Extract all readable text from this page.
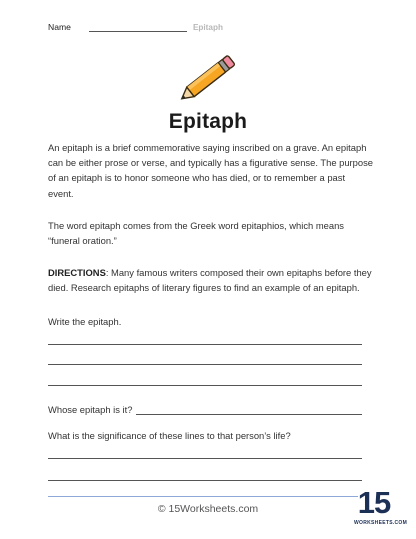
Name	Epitaph
Epitaph

An epitaph is a brief commemorative saying inscribed on a grave. An epitaph can be either prose or verse, and typically has a figurative sense. The purpose of an epitaph is to honor someone who has died, or to remember a past event.

The word epitaph comes from the Greek word epitaphios, which means “funeral oration.”

DIRECTIONS: Many famous writers composed their own epitaphs before they died. Research epitaphs of literary figures to find an example of an epitaph.

Write the epitaph.
Whose epitaph is it?
What is the significance of these lines to that person’s life?
© 15Worksheets.com	15
WORKSHEETS.COM
